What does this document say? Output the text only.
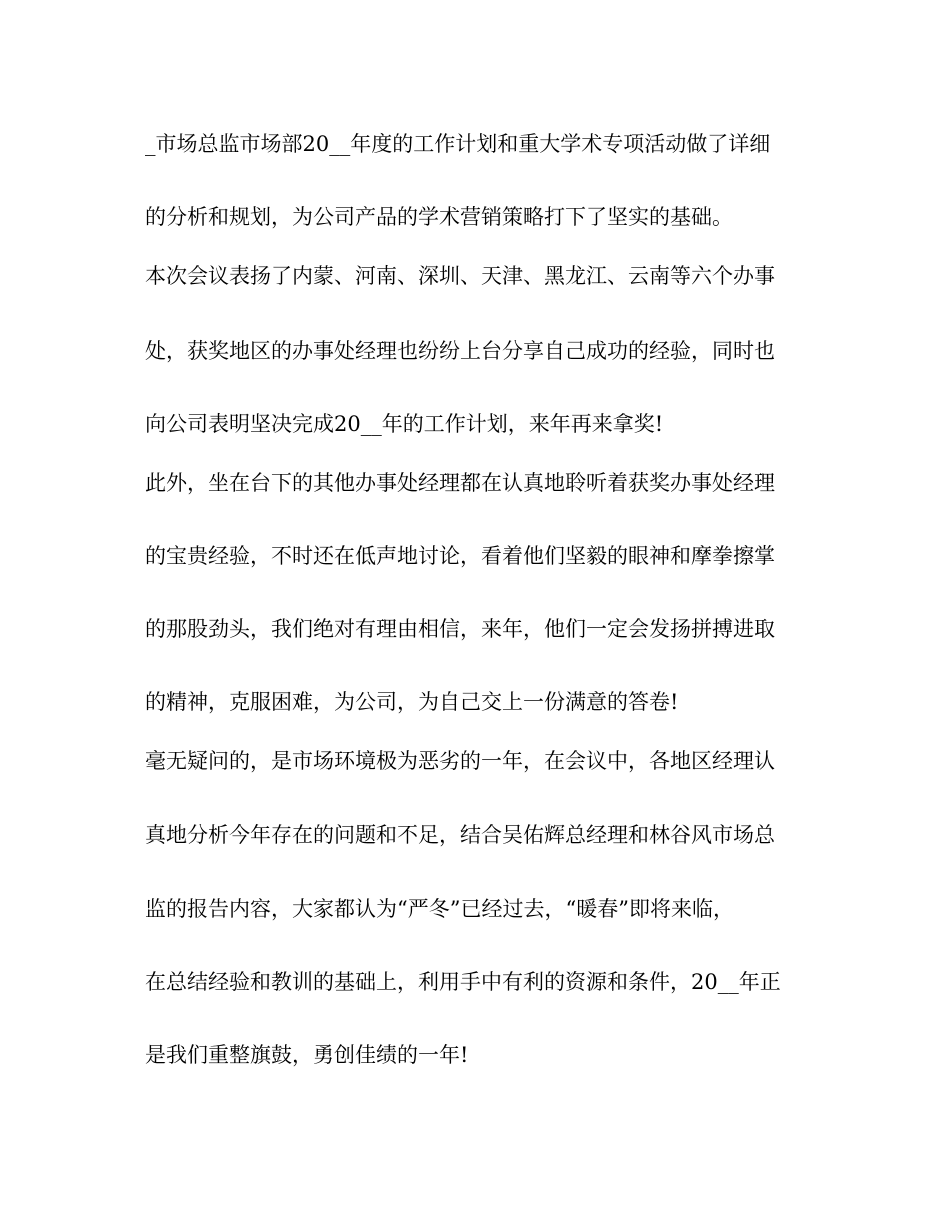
_市场总监市场部20__年度的工作计划和重大学术专项活动做了详细
的分析和规划，为公司产品的学术营销策略打下了坚实的基础。
本次会议表扬了内蒙、河南、深圳、天津、黑龙江、云南等六个办事
处，获奖地区的办事处经理也纷纷上台分享自己成功的经验，同时也
向公司表明坚决完成20__年的工作计划，来年再来拿奖!
此外，坐在台下的其他办事处经理都在认真地聆听着获奖办事处经理
的宝贵经验，不时还在低声地讨论，看着他们坚毅的眼神和摩拳擦掌
的那股劲头，我们绝对有理由相信，来年，他们一定会发扬拼搏进取
的精神，克服困难，为公司，为自己交上一份满意的答卷!
毫无疑问的，是市场环境极为恶劣的一年，在会议中，各地区经理认
真地分析今年存在的问题和不足，结合吴佑辉总经理和林谷风市场总
监的报告内容，大家都认为“严冬”已经过去，“暖春”即将来临，
在总结经验和教训的基础上，利用手中有利的资源和条件，20__年正
是我们重整旗鼓，勇创佳绩的一年!
